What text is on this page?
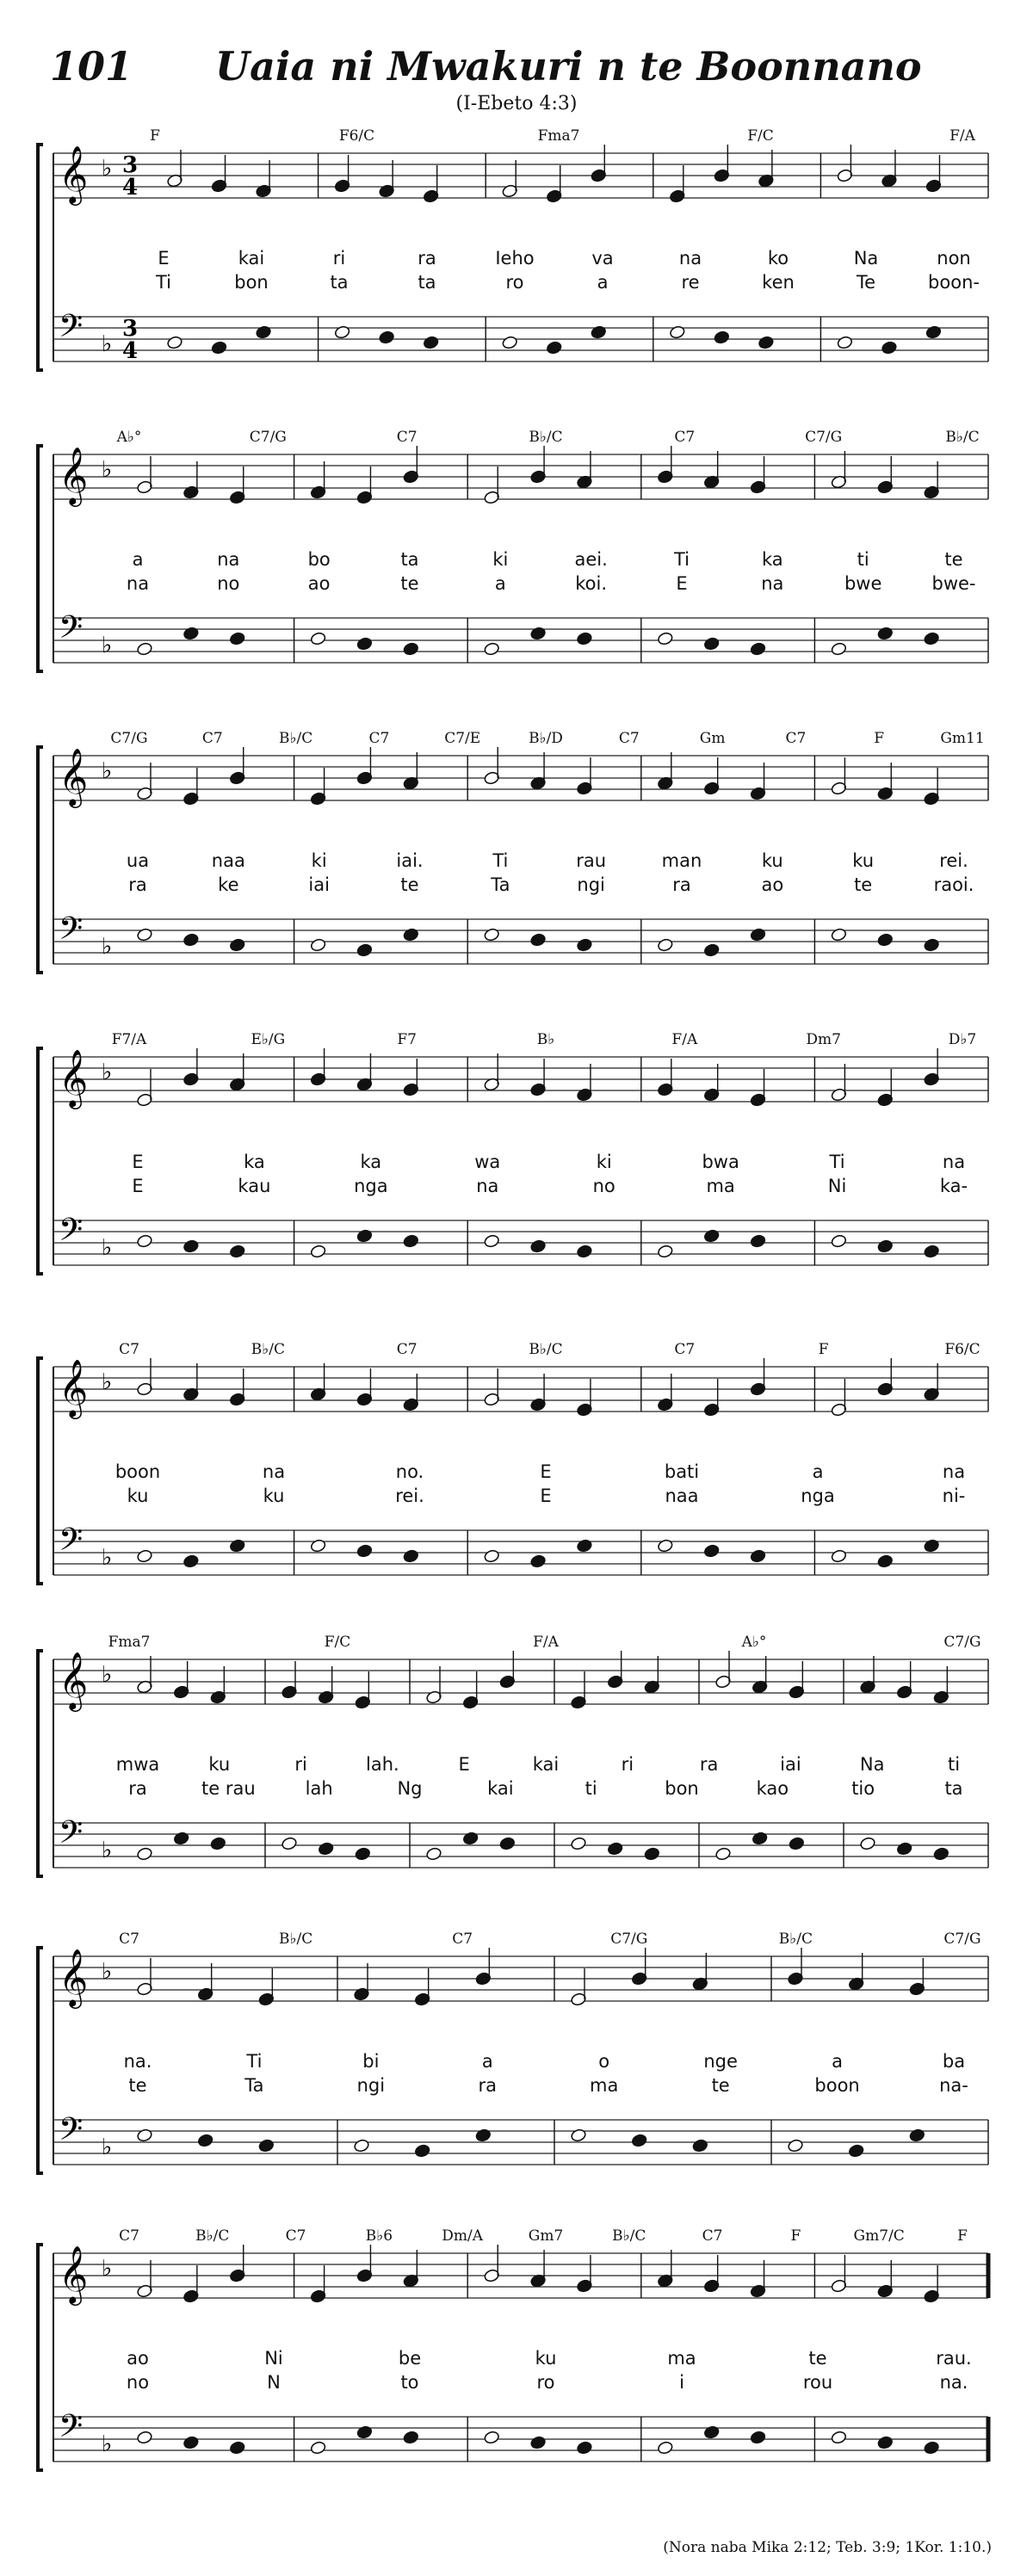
101 Uaia ni Mwakuri n te Boonnano
(I-Ebeto 4:3)
𝄞 ♭ 3
4
𝄢 ♭
3
4
F	F6/C	Fma7	F/C	F/A
E	kai	ri	ra	Ieho	va	na	ko	Na	non
Ti	bon	ta	ta	ro	a	re	ken	Te	boon-
𝄞 ♭
𝄢 ♭
A♭°	C7/G	C7	B♭/C	C7	C7/G	B♭/C
a	na	bo	ta	ki	aei.	Ti	ka	ti	te
na	no	ao	te	a	koi.	E	na	bwe	bwe-
𝄞 ♭
𝄢 ♭
C7/G	C7	B♭/C	C7	C7/E	B♭/D	C7	Gm	C7	F	Gm11
ua	naa	ki	iai.	Ti	rau	man	ku	ku	rei.
ra	ke	iai	te	Ta	ngi	ra	ao	te	raoi.
𝄞 ♭
𝄢 ♭
F7/A	E♭/G	F7	B♭	F/A	Dm7	D♭7
E	ka	ka	wa	ki	bwa	Ti	na
E	kau	nga	na	no	ma	Ni	ka-
𝄞 ♭
𝄢 ♭
C7	B♭/C	C7	B♭/C	C7	F	F6/C
boon	na	no.	E	bati	a	na
ku	ku	rei.	E	naa	nga	ni-
𝄞 ♭
𝄢 ♭
Fma7	F/C	F/A	A♭°	C7/G
mwa	ku	ri	lah.	E	kai	ri	ra	iai	Na	ti
ra	te rau	lah	Ng	kai	ti	bon	kao	tio	ta
𝄞 ♭
𝄢 ♭
C7	B♭/C	C7	C7/G	B♭/C	C7/G
na.	Ti	bi	a	o	nge	a	ba
te	Ta	ngi	ra	ma	te	boon	na-
𝄞 ♭
𝄢 ♭
C7	B♭/C	C7	B♭6	Dm/A	Gm7	B♭/C	C7	F	Gm7/C	F
ao	Ni	be	ku	ma	te	rau.
no	N	to	ro	i	rou	na.
(Nora naba Mika 2:12; Teb. 3:9; 1Kor. 1:10.)
